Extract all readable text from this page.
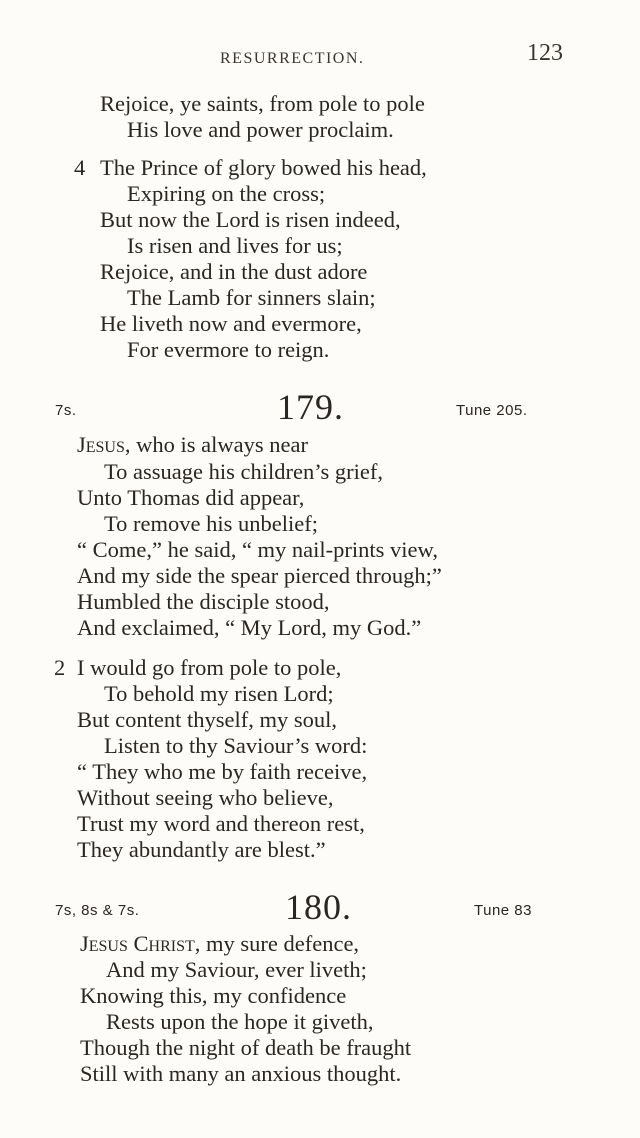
RESURRECTION.	123
Rejoice, ye saints, from pole to pole
His love and power proclaim.
4 The Prince of glory bowed his head,
Expiring on the cross;
But now the Lord is risen indeed,
Is risen and lives for us;
Rejoice, and in the dust adore
The Lamb for sinners slain;
He liveth now and evermore,
For evermore to reign.
7s.	179.	Tune 205.
Jesus, who is always near
To assuage his children’s grief,
Unto Thomas did appear,
To remove his unbelief;
“ Come,” he said, “ my nail-prints view,
And my side the spear pierced through;”
Humbled the disciple stood,
And exclaimed, “ My Lord, my God.”
2 I would go from pole to pole,
To behold my risen Lord;
But content thyself, my soul,
Listen to thy Saviour’s word:
“ They who me by faith receive,
Without seeing who believe,
Trust my word and thereon rest,
They abundantly are blest.”
7s, 8s & 7s.	180.	Tune 83
Jesus Christ, my sure defence,
And my Saviour, ever liveth;
Knowing this, my confidence
Rests upon the hope it giveth,
Though the night of death be fraught
Still with many an anxious thought.
